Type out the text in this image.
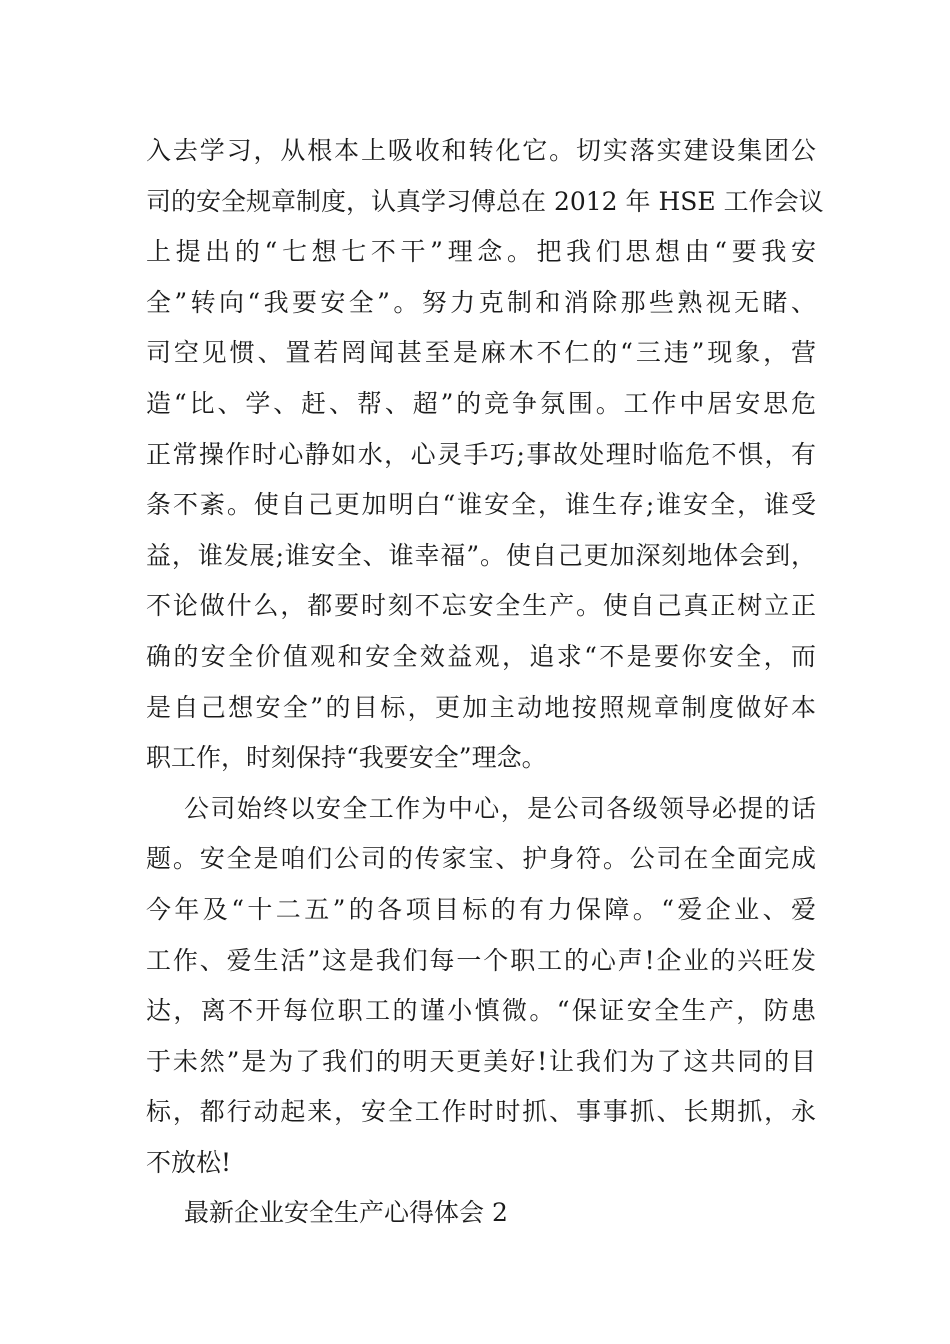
入去学习，从根本上吸收和转化它。切实落实建设集团公
司的安全规章制度，认真学习傅总在 2012 年 HSE 工作会议
上提出的“七想七不干”理念。把我们思想由“要我安
全”转向“我要安全”。努力克制和消除那些熟视无睹、
司空见惯、置若罔闻甚至是麻木不仁的“三违”现象，营
造“比、学、赶、帮、超”的竞争氛围。工作中居安思危
正常操作时心静如水，心灵手巧;事故处理时临危不惧，有
条不紊。使自己更加明白“谁安全，谁生存;谁安全，谁受
益，谁发展;谁安全、谁幸福”。使自己更加深刻地体会到，
不论做什么，都要时刻不忘安全生产。使自己真正树立正
确的安全价值观和安全效益观，追求“不是要你安全，而
是自己想安全”的目标，更加主动地按照规章制度做好本
职工作，时刻保持“我要安全”理念。
公司始终以安全工作为中心，是公司各级领导必提的话
题。安全是咱们公司的传家宝、护身符。公司在全面完成
今年及“十二五”的各项目标的有力保障。“爱企业、爱
工作、爱生活”这是我们每一个职工的心声!企业的兴旺发
达，离不开每位职工的谨小慎微。“保证安全生产，防患
于未然”是为了我们的明天更美好!让我们为了这共同的目
标，都行动起来，安全工作时时抓、事事抓、长期抓，永
不放松!
最新企业安全生产心得体会 2
